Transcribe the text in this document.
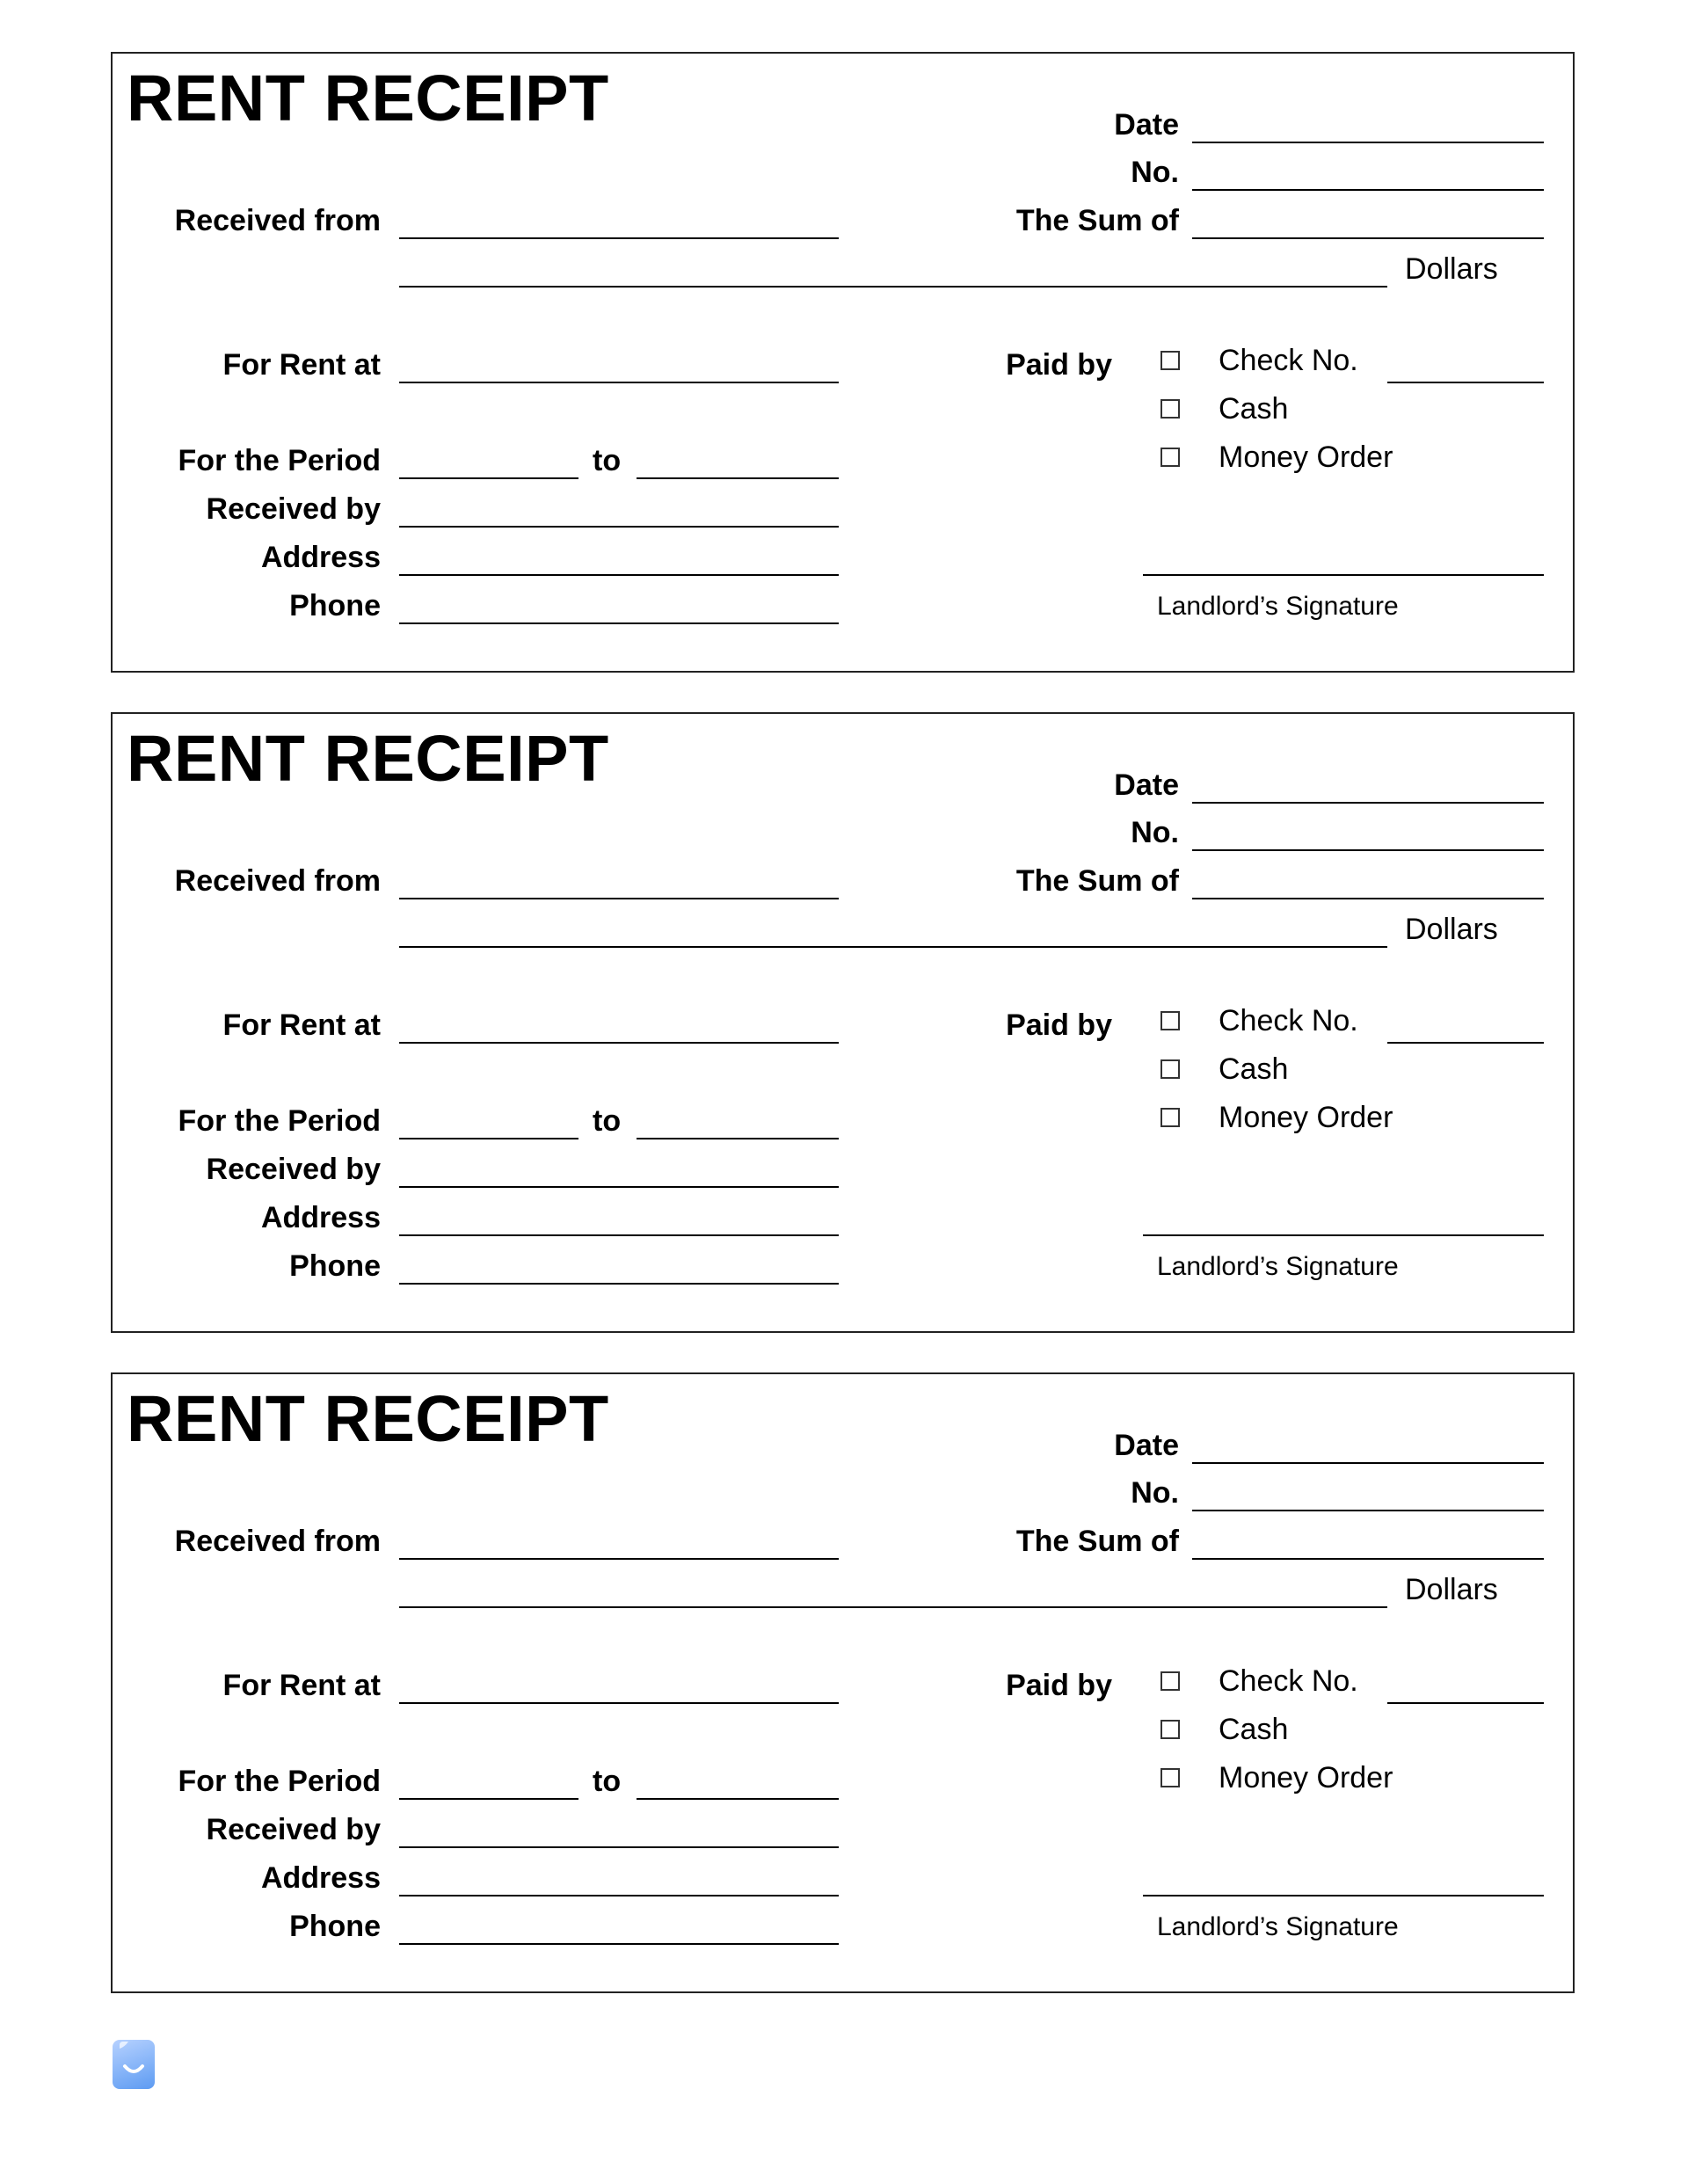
RENT RECEIPT	Date
No.
Received from	The Sum of
Dollars
For Rent at	Paid by	Check No.
Cash
Money Order
For the Period	to
Received by
Address
Phone	Landlord’s Signature
RENT RECEIPT	Date
No.
Received from	The Sum of
Dollars
For Rent at	Paid by	Check No.
Cash
Money Order
For the Period	to
Received by
Address
Phone	Landlord’s Signature
RENT RECEIPT	Date
No.
Received from	The Sum of
Dollars
For Rent at	Paid by	Check No.
Cash
Money Order
For the Period	to
Received by
Address
Phone	Landlord’s Signature
